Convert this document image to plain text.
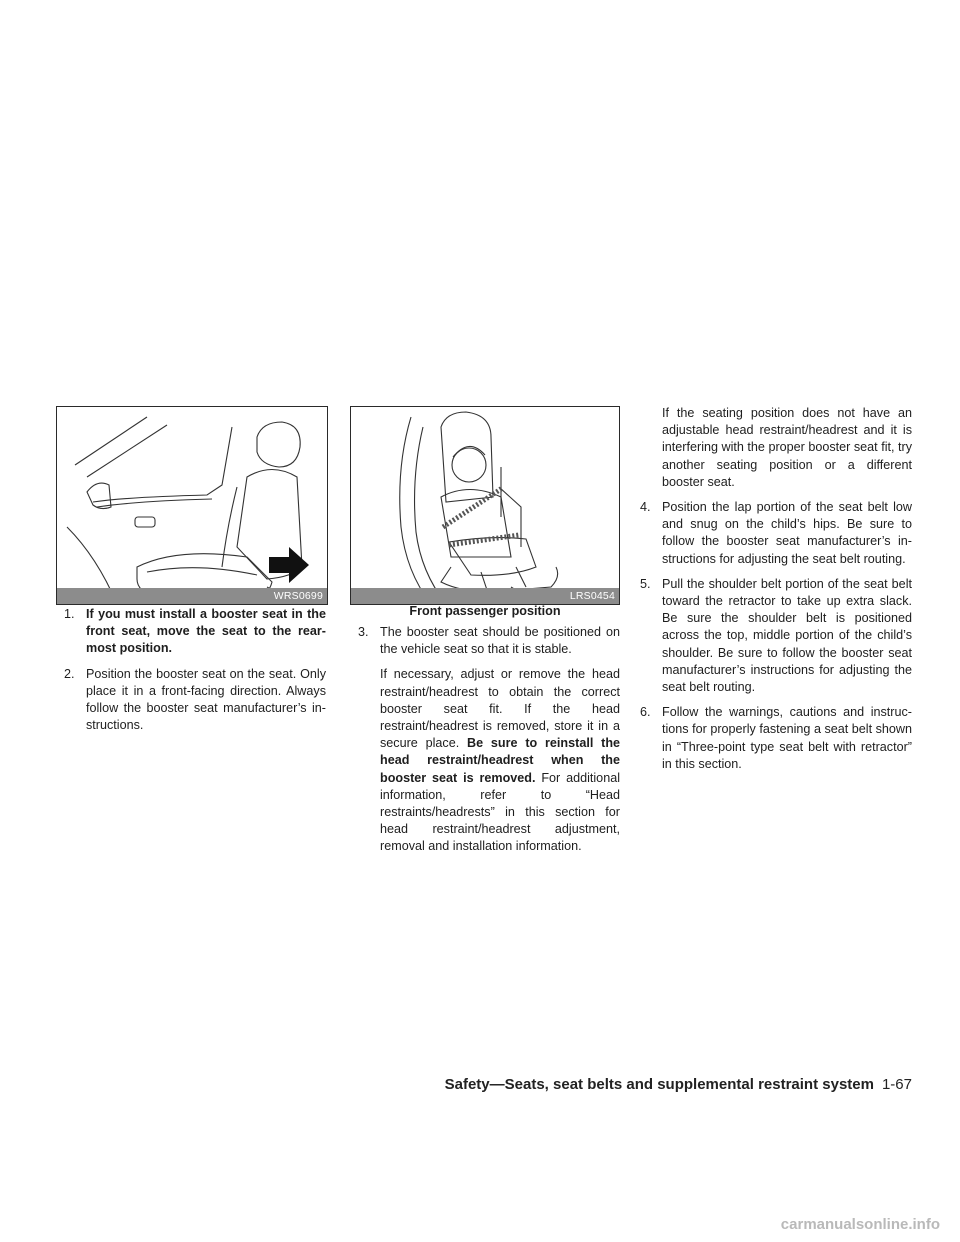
WRS0699	LRS0454
Front passenger position
1. If you must install a booster seat in the front seat, move the seat to the rear-most position.
2. Position the booster seat on the seat. Only place it in a front-facing direction. Always follow the booster seat manufacturer’s in-structions.
3. The booster seat should be positioned on the vehicle seat so that it is stable.
If necessary, adjust or remove the head restraint/headrest to obtain the correct booster seat fit. If the head restraint/headrest is removed, store it in a secure place. Be sure to reinstall the head restraint/headrest when the booster seat is removed. For additional information, refer to “Head restraints/headrests” in this section for head restraint/headrest adjustment, removal and installation information.
If the seating position does not have an adjustable head restraint/headrest and it is interfering with the proper booster seat fit, try another seating position or a different booster seat.
4. Position the lap portion of the seat belt low and snug on the child’s hips. Be sure to follow the booster seat manufacturer’s in-structions for adjusting the seat belt routing.
5. Pull the shoulder belt portion of the seat belt toward the retractor to take up extra slack. Be sure the shoulder belt is positioned across the top, middle portion of the child’s shoulder. Be sure to follow the booster seat manufacturer’s instructions for adjusting the seat belt routing.
6. Follow the warnings, cautions and instruc-tions for properly fastening a seat belt shown in “Three-point type seat belt with retractor” in this section.
Safety—Seats, seat belts and supplemental restraint system 1-67
carmanualsonline.info
